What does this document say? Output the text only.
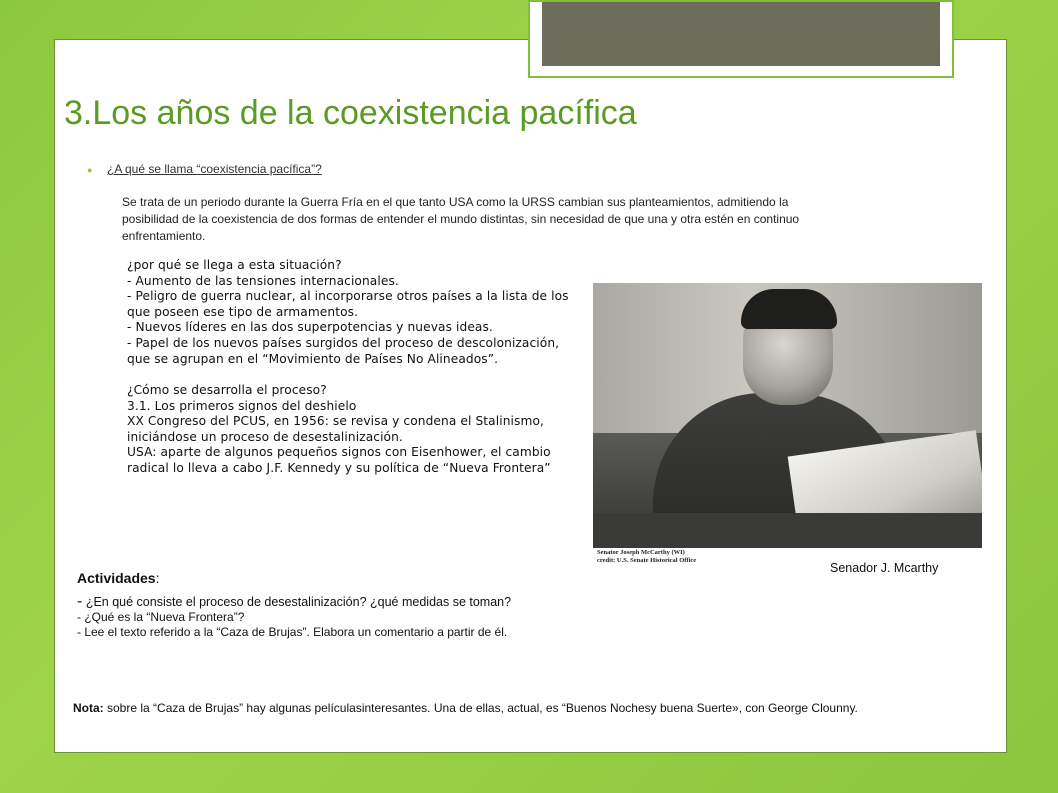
3.Los años de la coexistencia pacífica
● ¿A qué se llama “coexistencia pacífica”?
Se trata de un periodo durante la Guerra Fría en el que tanto USA como la URSS cambian sus planteamientos, admitiendo la
posibilidad de la coexistencia de dos formas de entender el mundo distintas, sin necesidad de que una y otra estén en continuo
enfrentamiento.
¿por qué se llega a esta situación?
- Aumento de las tensiones internacionales.
- Peligro de guerra nuclear, al incorporarse otros países a la lista de los
que poseen ese tipo de armamentos.
- Nuevos líderes en las dos superpotencias y nuevas ideas.
- Papel de los nuevos países surgidos del proceso de descolonización,
que se agrupan en el “Movimiento de Países No Alineados”.
¿Cómo se desarrolla el proceso?
3.1. Los primeros signos del deshielo
XX Congreso del PCUS, en 1956: se revisa y condena el Stalinismo,
iniciándose un proceso de desestalinización.
USA: aparte de algunos pequeños signos con Eisenhower, el cambio
radical lo lleva a cabo J.F. Kennedy y su política de “Nueva Frontera”
Senator Joseph McCarthy (WI)
credit: U.S. Senate Historical Office
Senador J. Mcarthy
Actividades:
- ¿En qué consiste el proceso de desestalinización? ¿qué medidas se toman?
- ¿Qué es la “Nueva Frontera”?
- Lee el texto referido a la “Caza de Brujas”. Elabora un comentario a partir de él.
Nota: sobre la “Caza de Brujas” hay algunas películasinteresantes. Una de ellas, actual, es “Buenos Nochesy buena Suerte», con George Clounny.
